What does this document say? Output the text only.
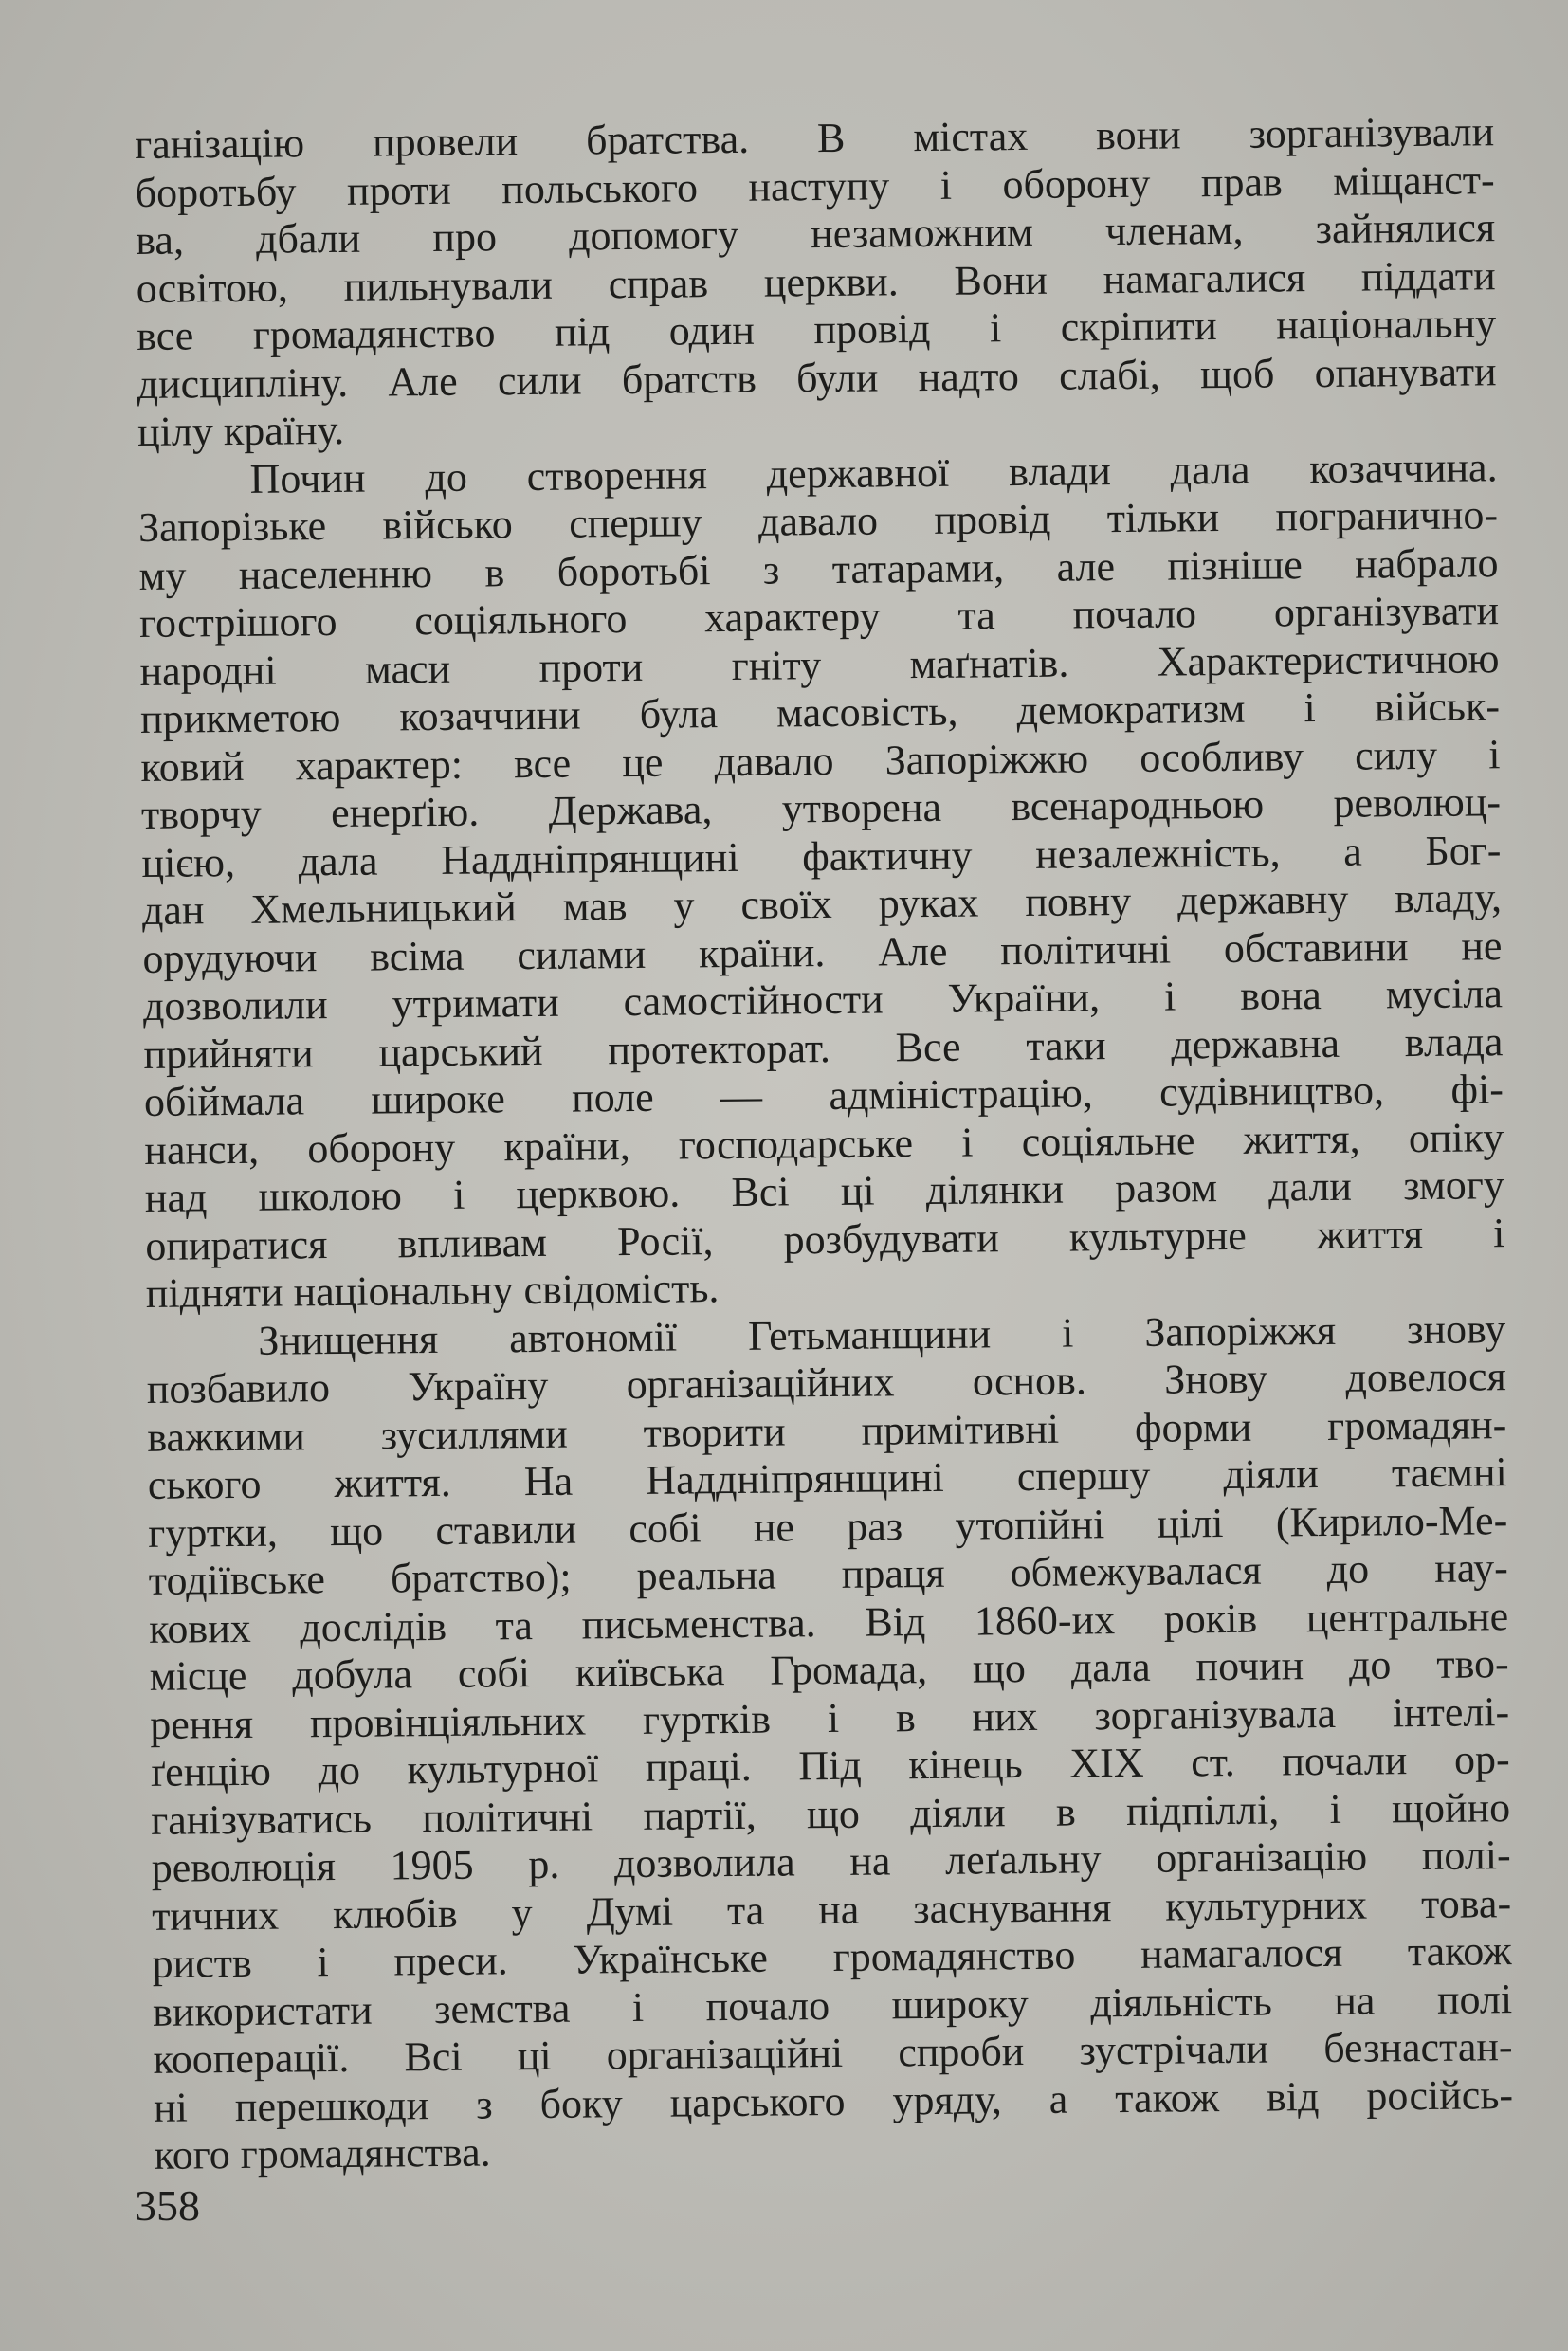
ганізацію провели братства. В містах вони зорганізували
боротьбу проти польського наступу і оборону прав міщанст-
ва, дбали про допомогу незаможним членам, зайнялися
освітою, пильнували справ церкви. Вони намагалися піддати
все громадянство під один провід і скріпити національну
дисципліну. Але сили братств були надто слабі, щоб опанувати
цілу країну.
Почин до створення державної влади дала козаччина.
Запорізьке військо спершу давало провід тільки погранично-
му населенню в боротьбі з татарами, але пізніше набрало
гострішого соціяльного характеру та почало організувати
народні маси проти гніту маґнатів. Характеристичною
прикметою козаччини була масовість, демократизм і військ-
ковий характер: все це давало Запоріжжю особливу силу і
творчу енерґію. Держава, утворена всенародньою революц-
цією, дала Наддніпрянщині фактичну незалежність, а Бог-
дан Хмельницький мав у своїх руках повну державну владу,
орудуючи всіма силами країни. Але політичні обставини не
дозволили утримати самостійности України, і вона мусіла
прийняти царський протекторат. Все таки державна влада
обіймала широке поле — адміністрацію, судівництво, фі-
нанси, оборону країни, господарське і соціяльне життя, опіку
над школою і церквою. Всі ці ділянки разом дали змогу
опиратися впливам Росії, розбудувати культурне життя і
підняти національну свідомість.
Знищення автономії Гетьманщини і Запоріжжя знову
позбавило Україну організаційних основ. Знову довелося
важкими зусиллями творити примітивні форми громадян-
ського життя. На Наддніпрянщині спершу діяли таємні
гуртки, що ставили собі не раз утопійні цілі (Кирило-Ме-
тодіївське братство); реальна праця обмежувалася до нау-
кових дослідів та письменства. Від 1860-их років центральне
місце добула собі київська Громада, що дала почин до тво-
рення провінціяльних гуртків і в них зорганізувала інтелі-
ґенцію до культурної праці. Під кінець XIX ст. почали ор-
ганізуватись політичні партії, що діяли в підпіллі, і щойно
революція 1905 р. дозволила на леґальну організацію полі-
тичних клюбів у Думі та на заснування культурних това-
риств і преси. Українське громадянство намагалося також
використати земства і почало широку діяльність на полі
кооперації. Всі ці організаційні спроби зустрічали безнастан-
ні перешкоди з боку царського уряду, а також від російсь-
кого громадянства.
358
